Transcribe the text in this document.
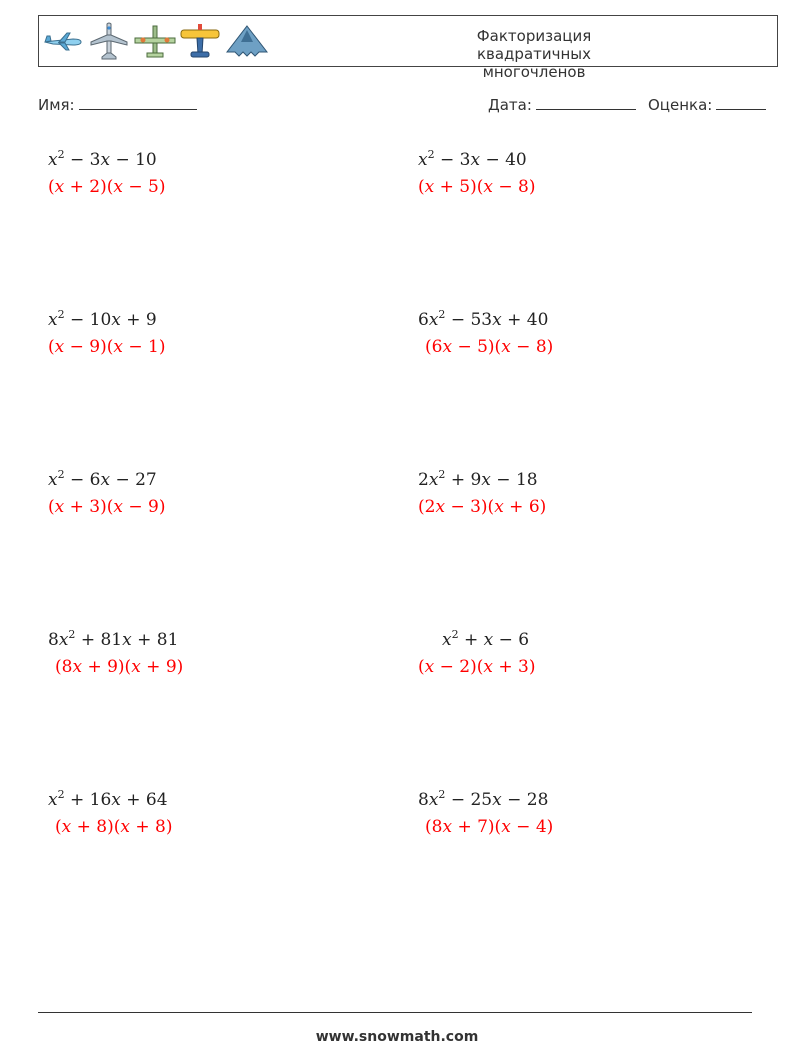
Факторизация квадратичных
многочленов
Имя:	Дата:	Оценка:
$x^2 - 3x - 10$
(x + 2)(x − 5)
$x^2 - 3x - 40$
(x + 5)(x − 8)
$x^2 - 10x + 9$
(x − 9)(x − 1)
$6x^2 - 53x + 40$
(6x − 5)(x − 8)
$x^2 - 6x - 27$
(x + 3)(x − 9)
$2x^2 + 9x - 18$
(2x − 3)(x + 6)
$8x^2 + 81x + 81$
(8x + 9)(x + 9)
$x^2 + x - 6$
(x − 2)(x + 3)
$x^2 + 16x + 64$
(x + 8)(x + 8)
$8x^2 - 25x - 28$
(8x + 7)(x − 4)
www.snowmath.com
